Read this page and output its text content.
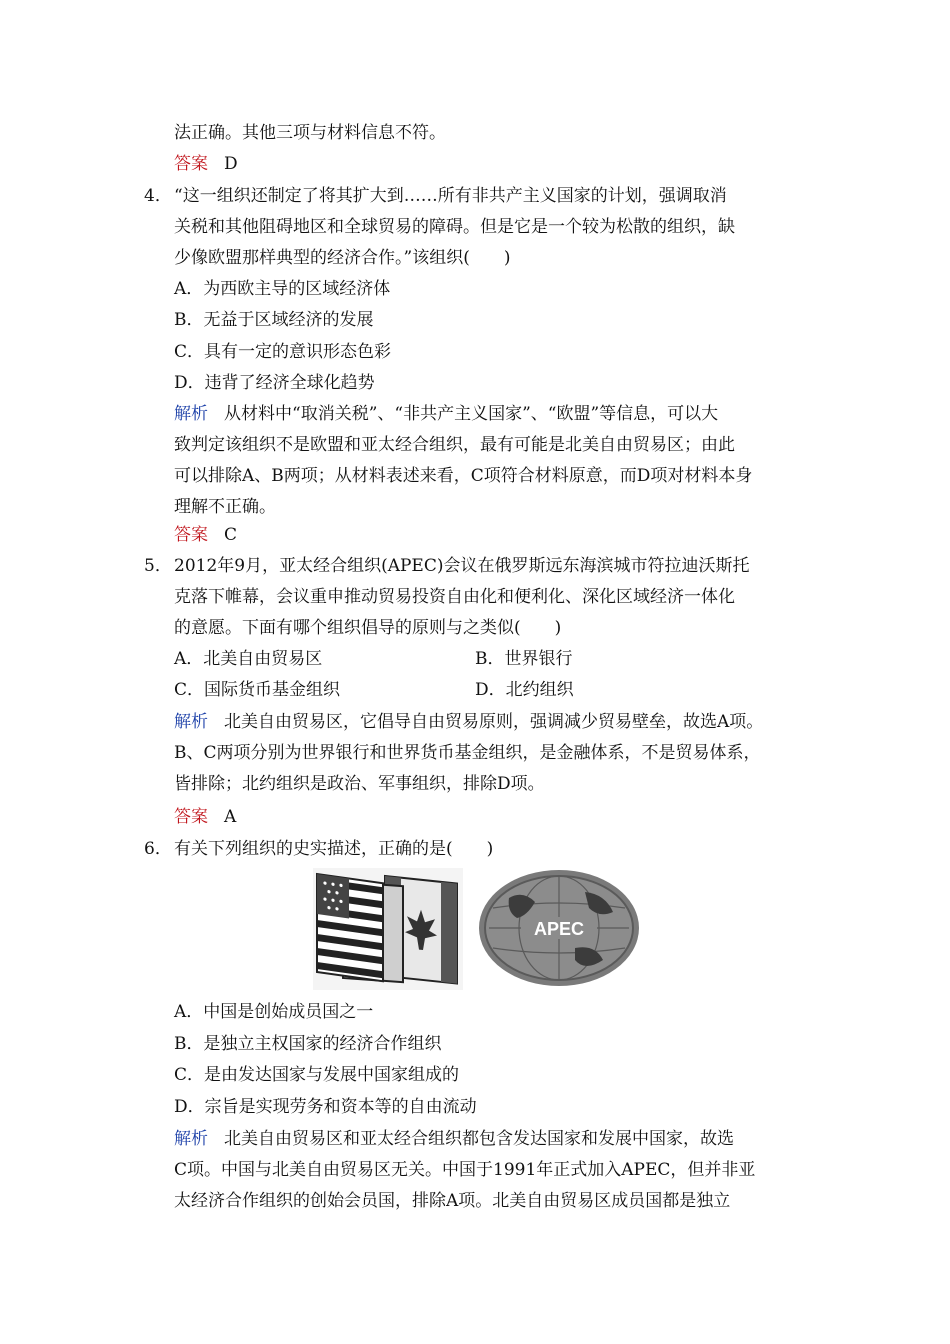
法正确。其他三项与材料信息不符。
答案 D
4． “这一组织还制定了将其扩大到……所有非共产主义国家的计划，强调取消
关税和其他阻碍地区和全球贸易的障碍。但是它是一个较为松散的组织，缺
少像欧盟那样典型的经济合作。”该组织(　　)
A．为西欧主导的区域经济体
B．无益于区域经济的发展
C．具有一定的意识形态色彩
D．违背了经济全球化趋势
解析 从材料中“取消关税”、“非共产主义国家”、“欧盟”等信息，可以大
致判定该组织不是欧盟和亚太经合组织，最有可能是北美自由贸易区；由此
可以排除A、B两项；从材料表述来看，C项符合材料原意，而D项对材料本身
理解不正确。
答案 C
5． 2012年9月，亚太经合组织(APEC)会议在俄罗斯远东海滨城市符拉迪沃斯托
克落下帷幕，会议重申推动贸易投资自由化和便利化、深化区域经济一体化
的意愿。下面有哪个组织倡导的原则与之类似(　　)
A．北美自由贸易区	B．世界银行
C．国际货币基金组织	D．北约组织
解析 北美自由贸易区，它倡导自由贸易原则，强调减少贸易壁垒，故选A项。
B、C两项分别为世界银行和世界货币基金组织，是金融体系，不是贸易体系，
皆排除；北约组织是政治、军事组织，排除D项。
答案 A
6． 有关下列组织的史实描述，正确的是(　　)
APEC
A．中国是创始成员国之一
B．是独立主权国家的经济合作组织
C．是由发达国家与发展中国家组成的
D．宗旨是实现劳务和资本等的自由流动
解析 北美自由贸易区和亚太经合组织都包含发达国家和发展中国家，故选
C项。中国与北美自由贸易区无关。中国于1991年正式加入APEC，但并非亚
太经济合作组织的创始会员国，排除A项。北美自由贸易区成员国都是独立
